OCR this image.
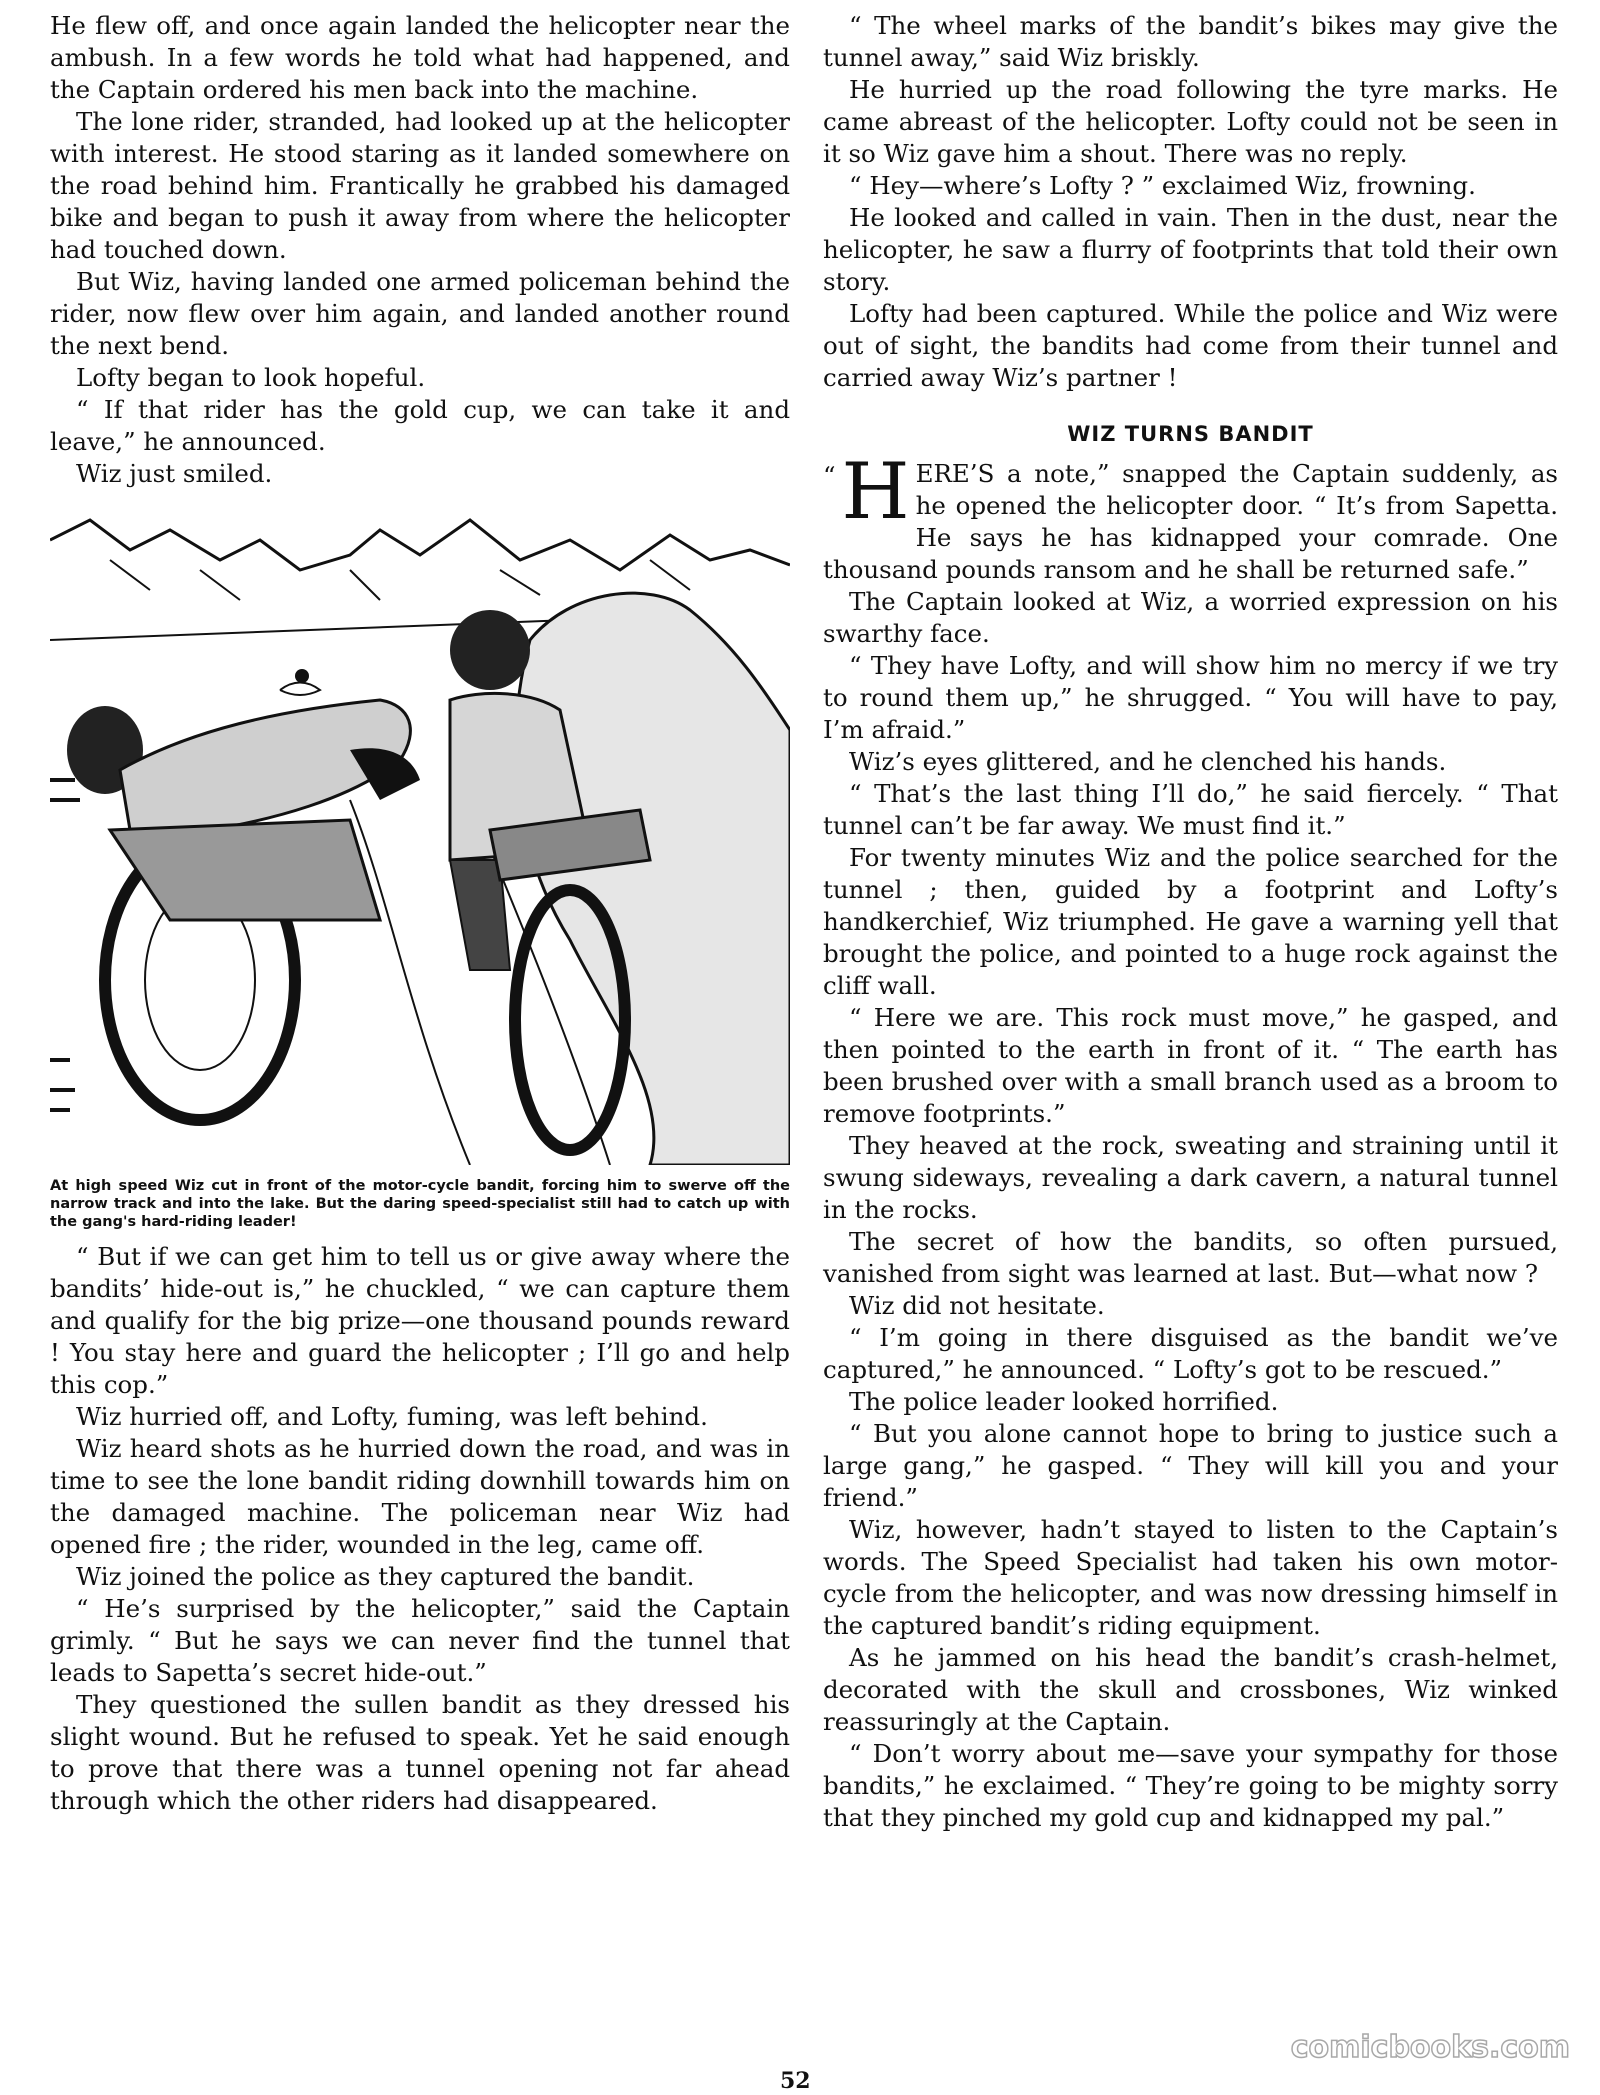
He flew off, and once again landed the helicopter near the ambush. In a few words he told what had happened, and the Captain ordered his men back into the machine.

The lone rider, stranded, had looked up at the helicopter with interest. He stood staring as it landed somewhere on the road behind him. Frantically he grabbed his damaged bike and began to push it away from where the helicopter had touched down.

But Wiz, having landed one armed policeman behind the rider, now flew over him again, and landed another round the next bend.

Lofty began to look hopeful.

“ If that rider has the gold cup, we can take it and leave,” he announced.

Wiz just smiled.

At high speed Wiz cut in front of the motor-cycle bandit, forcing him to swerve off the narrow track and into the lake. But the daring speed-specialist still had to catch up with the gang's hard-riding leader!

“ But if we can get him to tell us or give away where the bandits’ hide-out is,” he chuckled, “ we can capture them and qualify for the big prize—one thousand pounds reward ! You stay here and guard the helicopter ; I’ll go and help this cop.”

Wiz hurried off, and Lofty, fuming, was left behind.

Wiz heard shots as he hurried down the road, and was in time to see the lone bandit riding downhill towards him on the damaged machine. The policeman near Wiz had opened fire ; the rider, wounded in the leg, came off.

Wiz joined the police as they captured the bandit.

“ He’s surprised by the helicopter,” said the Captain grimly. “ But he says we can never find the tunnel that leads to Sapetta’s secret hide-out.”

They questioned the sullen bandit as they dressed his slight wound. But he refused to speak. Yet he said enough to prove that there was a tunnel opening not far ahead through which the other riders had disappeared.

“ The wheel marks of the bandit’s bikes may give the tunnel away,” said Wiz briskly.

He hurried up the road following the tyre marks. He came abreast of the helicopter. Lofty could not be seen in it so Wiz gave him a shout. There was no reply.

“ Hey—where’s Lofty ? ” exclaimed Wiz, frowning.

He looked and called in vain. Then in the dust, near the helicopter, he saw a flurry of footprints that told their own story.

Lofty had been captured. While the police and Wiz were out of sight, the bandits had come from their tunnel and carried away Wiz’s partner !

WIZ TURNS BANDIT

“ H ERE’S a note,” snapped the Captain suddenly, as he opened the helicopter door. “ It’s from Sapetta. He says he has kidnapped your comrade. One thousand pounds ransom and he shall be returned safe.”

The Captain looked at Wiz, a worried expression on his swarthy face.

“ They have Lofty, and will show him no mercy if we try to round them up,” he shrugged. “ You will have to pay, I’m afraid.”

Wiz’s eyes glittered, and he clenched his hands.

“ That’s the last thing I’ll do,” he said fiercely. “ That tunnel can’t be far away. We must find it.”

For twenty minutes Wiz and the police searched for the tunnel ; then, guided by a footprint and Lofty’s handkerchief, Wiz triumphed. He gave a warning yell that brought the police, and pointed to a huge rock against the cliff wall.

“ Here we are. This rock must move,” he gasped, and then pointed to the earth in front of it. “ The earth has been brushed over with a small branch used as a broom to remove footprints.”

They heaved at the rock, sweating and straining until it swung sideways, revealing a dark cavern, a natural tunnel in the rocks.

The secret of how the bandits, so often pursued, vanished from sight was learned at last. But—what now ?

Wiz did not hesitate.

“ I’m going in there disguised as the bandit we’ve captured,” he announced. “ Lofty’s got to be rescued.”

The police leader looked horrified.

“ But you alone cannot hope to bring to justice such a large gang,” he gasped. “ They will kill you and your friend.”

Wiz, however, hadn’t stayed to listen to the Captain’s words. The Speed Specialist had taken his own motor-cycle from the helicopter, and was now dressing himself in the captured bandit’s riding equipment.

As he jammed on his head the bandit’s crash-helmet, decorated with the skull and crossbones, Wiz winked reassuringly at the Captain.

“ Don’t worry about me—save your sympathy for those bandits,” he exclaimed. “ They’re going to be mighty sorry that they pinched my gold cup and kidnapped my pal.”

52
comicbooks.com
